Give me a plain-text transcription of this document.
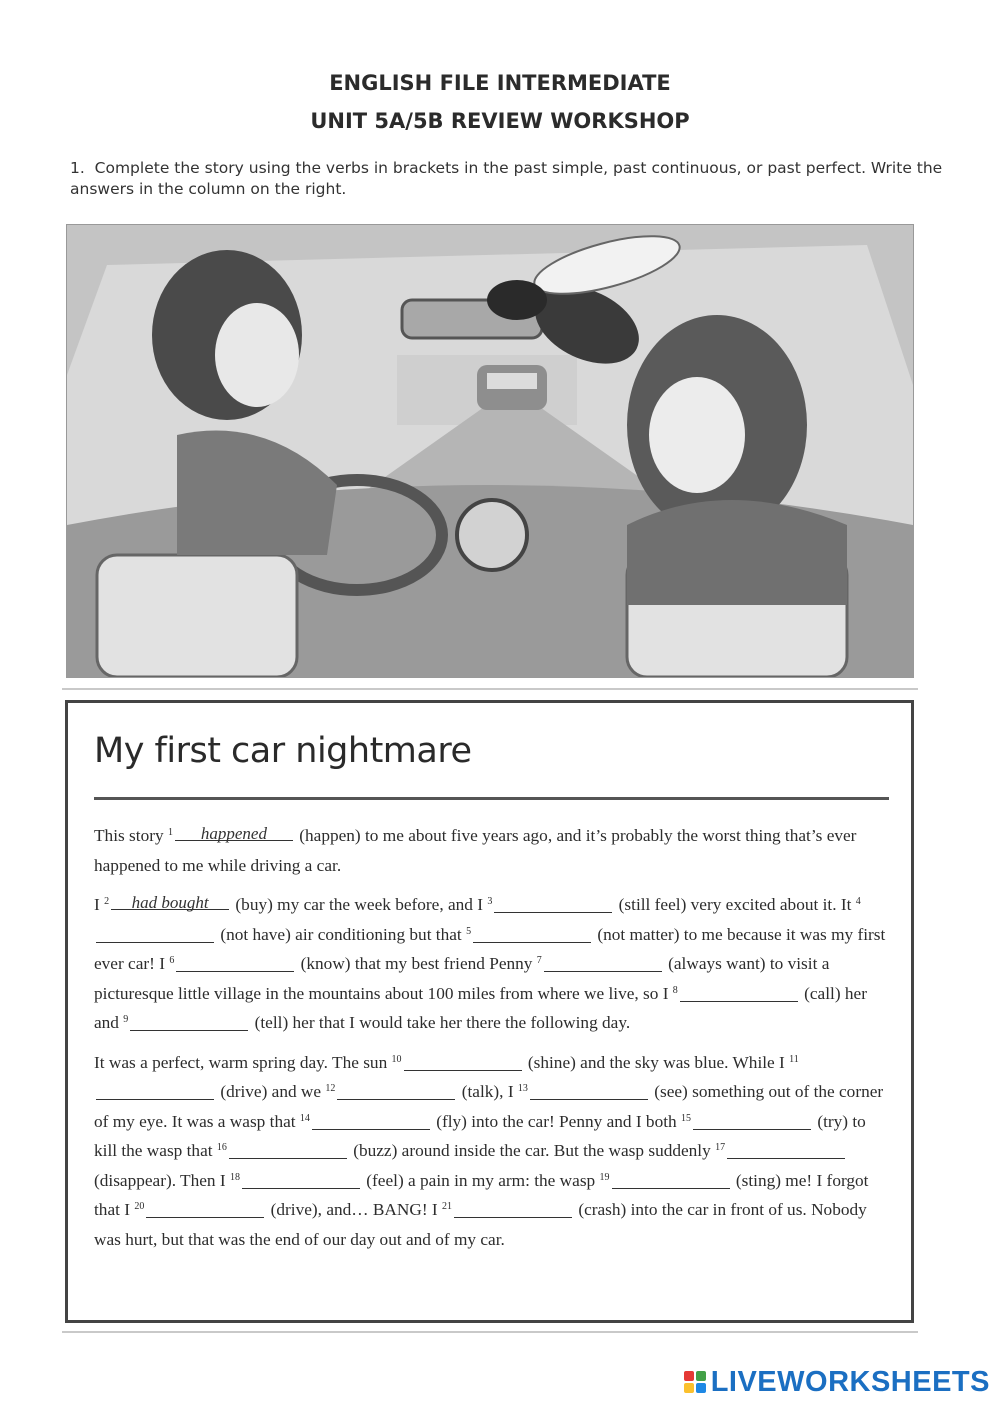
ENGLISH FILE INTERMEDIATE
UNIT 5A/5B REVIEW WORKSHOP
1. Complete the story using the verbs in brackets in the past simple, past continuous, or past perfect. Write the answers in the column on the right.
My first car nightmare

This story $^1$ happened (happen) to me about five years ago, and it’s probably the worst thing that’s ever happened to me while driving a car.

I $^2$ had bought (buy) my car the week before, and I $^3$	(still feel) very excited about it. It $^4$ (not have) air conditioning but that $^5$	(not matter) to me because it was my first ever car! I $^6$	(know) that my best friend Penny $^7$	(always want) to visit a picturesque little village in the mountains about 100 miles from where we live, so I $^8$	(call) her and $^9$	(tell) her that I would take her there the following day.

It was a perfect, warm spring day. The sun $^{10}$	(shine) and the sky was blue. While I $^{11}$ (drive) and we $^{12}$	(talk), I $^{13}$	(see) something out of the corner of my eye. It was a wasp that $^{14}$	(fly) into the car! Penny and I both $^{15}$	(try) to kill the wasp that $^{16}$	(buzz) around inside the car. But the wasp suddenly $^{17}$ (disappear). Then I $^{18}$	(feel) a pain in my arm: the wasp $^{19}$	(sting) me! I forgot that I $^{20}$	(drive), and… BANG! I $^{21}$	(crash) into the car in front of us. Nobody was hurt, but that was the end of our day out and of my car.

LIVEWORKSHEETS
